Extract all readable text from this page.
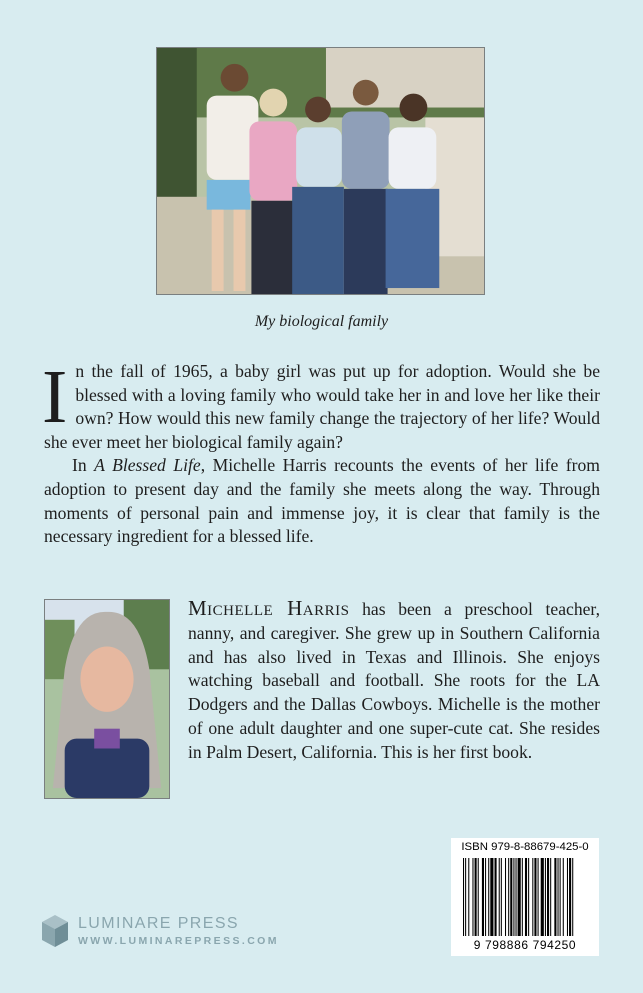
My biological family

In the fall of 1965, a baby girl was put up for adoption. Would she be blessed with a loving family who would take her in and love her like their own? How would this new family change the trajectory of her life? Would she ever meet her biological family again?

In A Blessed Life, Michelle Harris recounts the events of her life from adoption to present day and the family she meets along the way. Through moments of personal pain and immense joy, it is clear that family is the necessary ingredient for a blessed life.

Michelle Harris has been a preschool teacher, nanny, and caregiver. She grew up in Southern California and has also lived in Texas and Illinois. She enjoys watching baseball and football. She roots for the LA Dodgers and the Dallas Cowboys. Michelle is the mother of one adult daughter and one super-cute cat. She resides in Palm Desert, California. This is her first book.

LUMINARE PRESS
WWW.LUMINAREPRESS.COM
ISBN 979-8-88679-425-0
9 798886 794250
